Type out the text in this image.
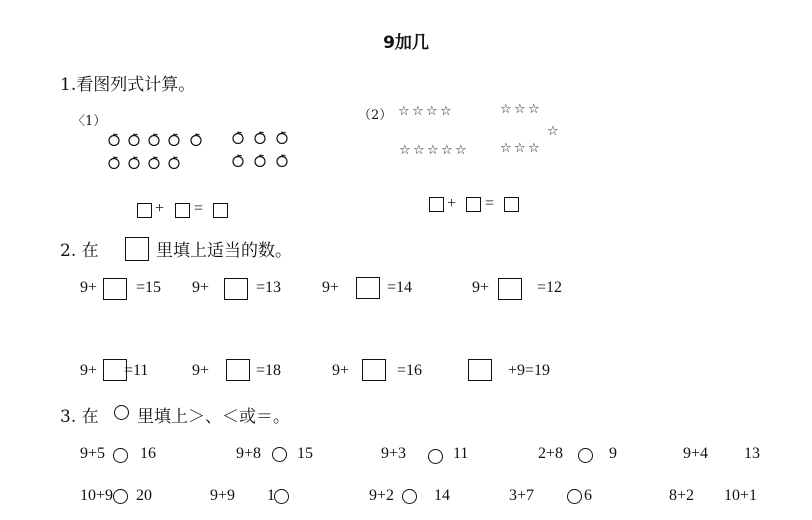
9加几
1.看图列式计算。
〈1）	（2） ☆ ☆ ☆ ☆	☆ ☆ ☆
☆
☆ ☆ ☆ ☆ ☆	☆ ☆ ☆
+ =	+ =
2. 在	里填上适当的数。
9+ =15 9+	=13	9+	=14	9+	=12
9+ =11	9+	=18	9+	=16	+9=19
3. 在 里填上＞、＜或＝。
9+5 16	9+8 15	9+3	11	2+8	9	9+4 13
10+9 20	9+9 1	9+2 14	3+7	6	8+2 10+1
